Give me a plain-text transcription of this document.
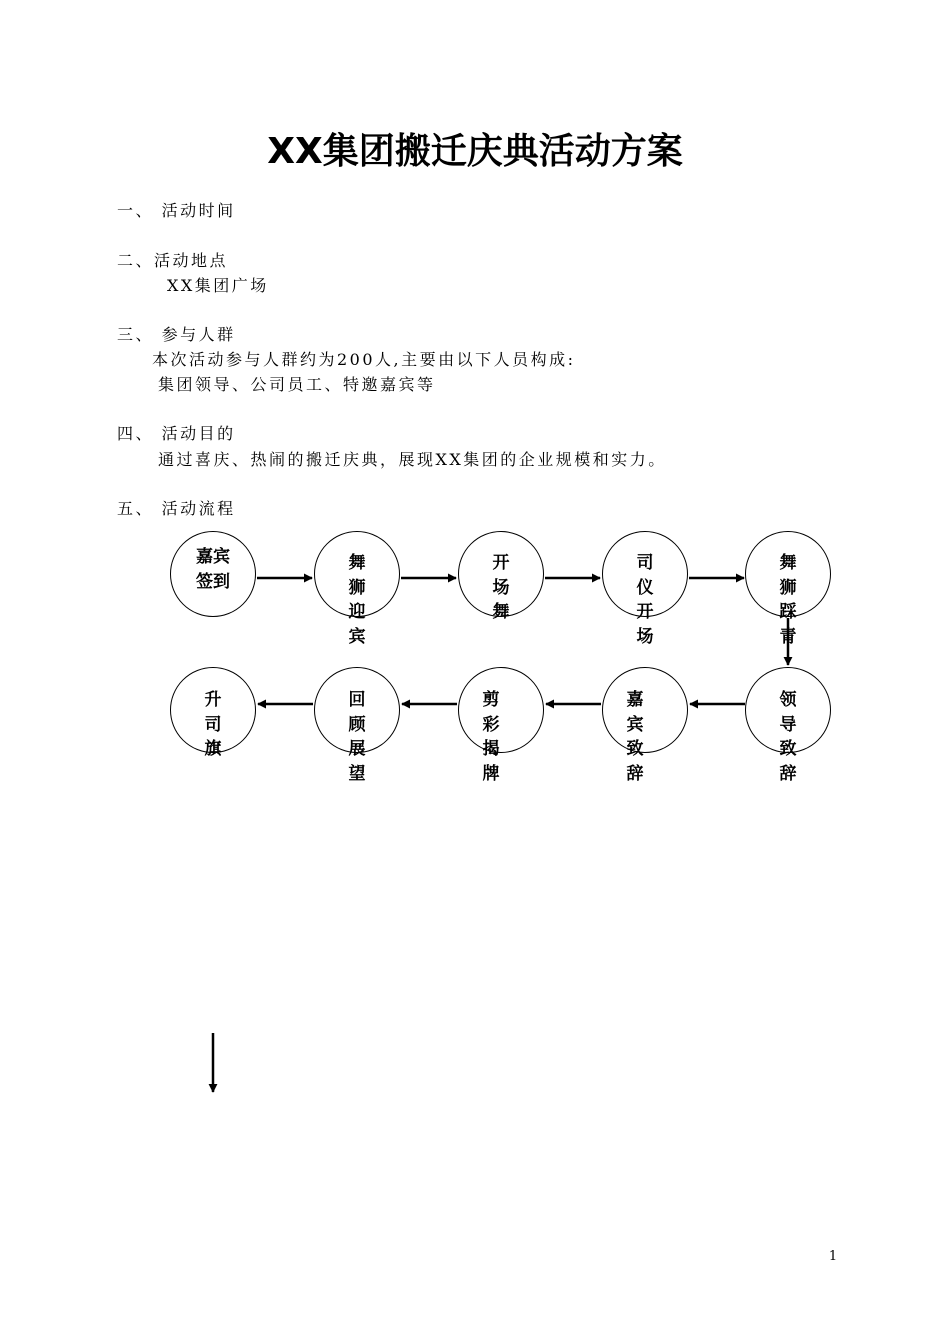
XX集团搬迁庆典活动方案
一、 活动时间
二、活动地点
XX集团广场
三、 参与人群
本次活动参与人群约为200人,主要由以下人员构成:
集团领导、公司员工、特邀嘉宾等
四、 活动目的
通过喜庆、热闹的搬迁庆典，展现XX集团的企业规模和实力。
五、 活动流程
嘉宾
签到
舞
狮
迎
宾
开
场
舞
司
仪
开
场
舞
狮
踩
青
领
导
致
辞
嘉
宾
致
辞
剪
彩
揭
牌
回
顾
展
望
升
司
旗
1
